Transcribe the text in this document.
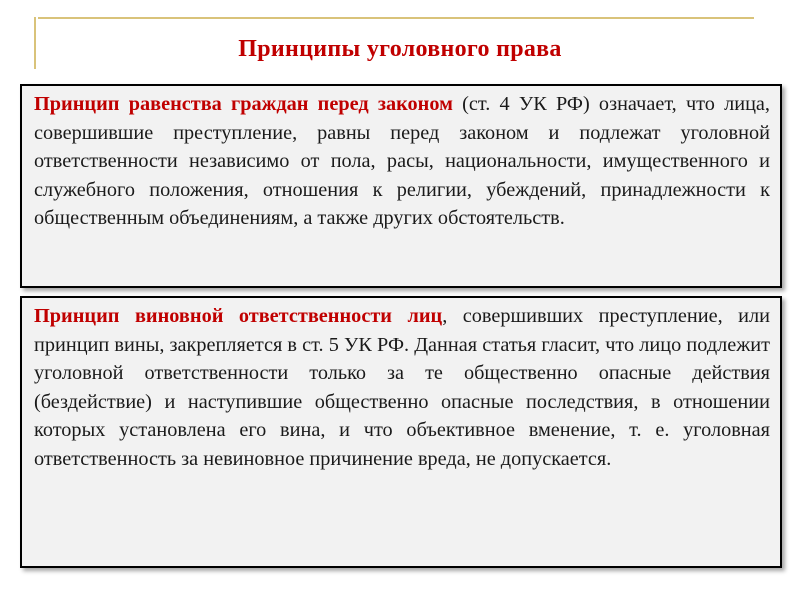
Принципы уголовного права
Принцип равенства граждан перед законом (ст. 4 УК РФ) означает, что лица, совершившие преступление, равны перед законом и подлежат уголовной ответственности независимо от пола, расы, национальности, имущественного и служебного положения, отношения к религии, убеждений, принадлежности к общественным объединениям, а также других обстоятельств.
Принцип виновной ответственности лиц, совершивших преступление, или принцип вины, закрепляется в ст. 5 УК РФ. Данная статья гласит, что лицо подлежит уголовной ответственности только за те общественно опасные действия (бездействие) и наступившие общественно опасные последствия, в отношении которых установлена его вина, и что объективное вменение, т. е. уголовная ответственность за невиновное причинение вреда, не допускается.
